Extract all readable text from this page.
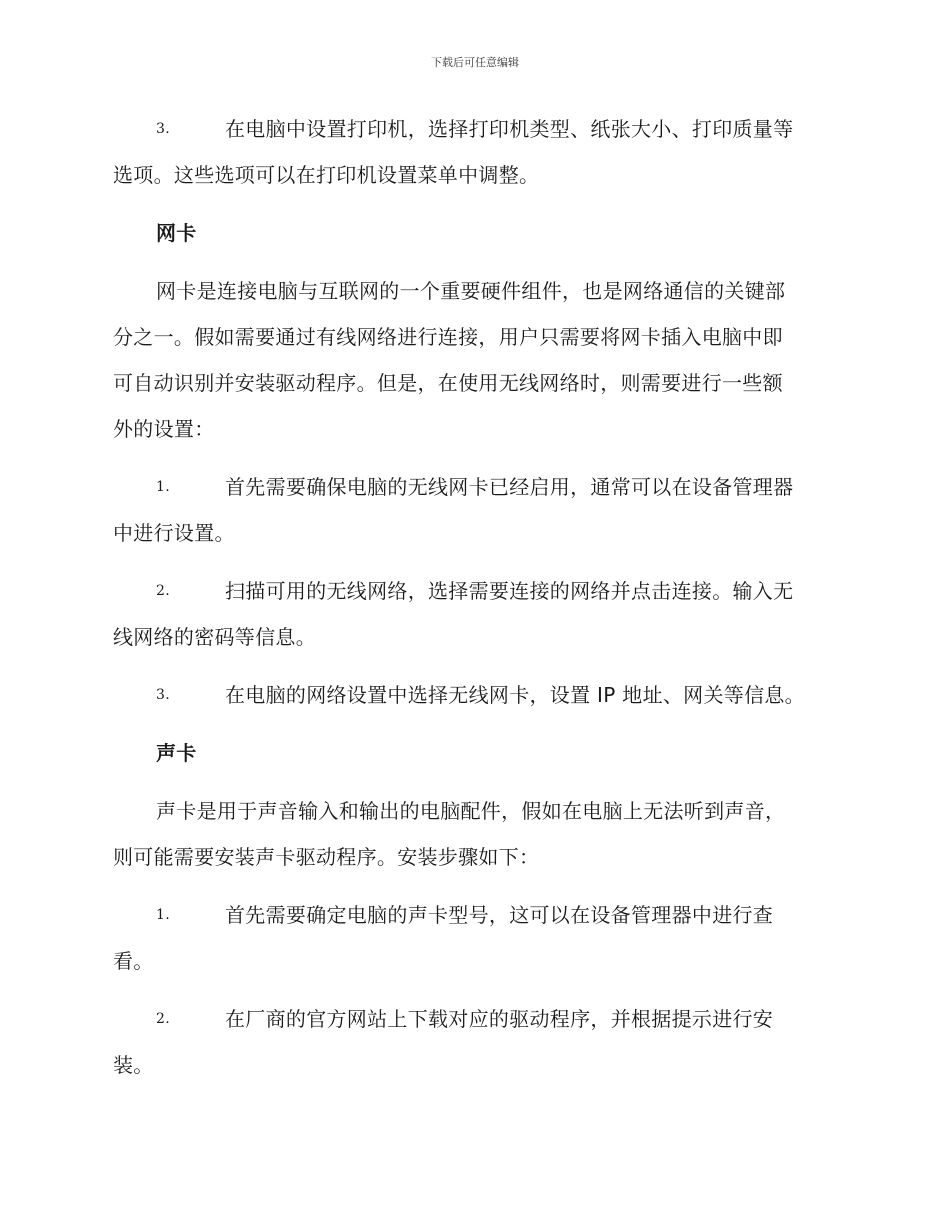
下载后可任意编辑
3.	在电脑中设置打印机，选择打印机类型、纸张大小、打印质量等
选项。这些选项可以在打印机设置菜单中调整。
网卡
网卡是连接电脑与互联网的一个重要硬件组件，也是网络通信的关键部
分之一。假如需要通过有线网络进行连接，用户只需要将网卡插入电脑中即
可自动识别并安装驱动程序。但是，在使用无线网络时，则需要进行一些额
外的设置：
1.	首先需要确保电脑的无线网卡已经启用，通常可以在设备管理器
中进行设置。
2.	扫描可用的无线网络，选择需要连接的网络并点击连接。输入无
线网络的密码等信息。
3.	在电脑的网络设置中选择无线网卡，设置 IP 地址、网关等信息。
声卡
声卡是用于声音输入和输出的电脑配件，假如在电脑上无法听到声音，
则可能需要安装声卡驱动程序。安装步骤如下：
1.	首先需要确定电脑的声卡型号，这可以在设备管理器中进行查
看。
2.	在厂商的官方网站上下载对应的驱动程序，并根据提示进行安
装。
